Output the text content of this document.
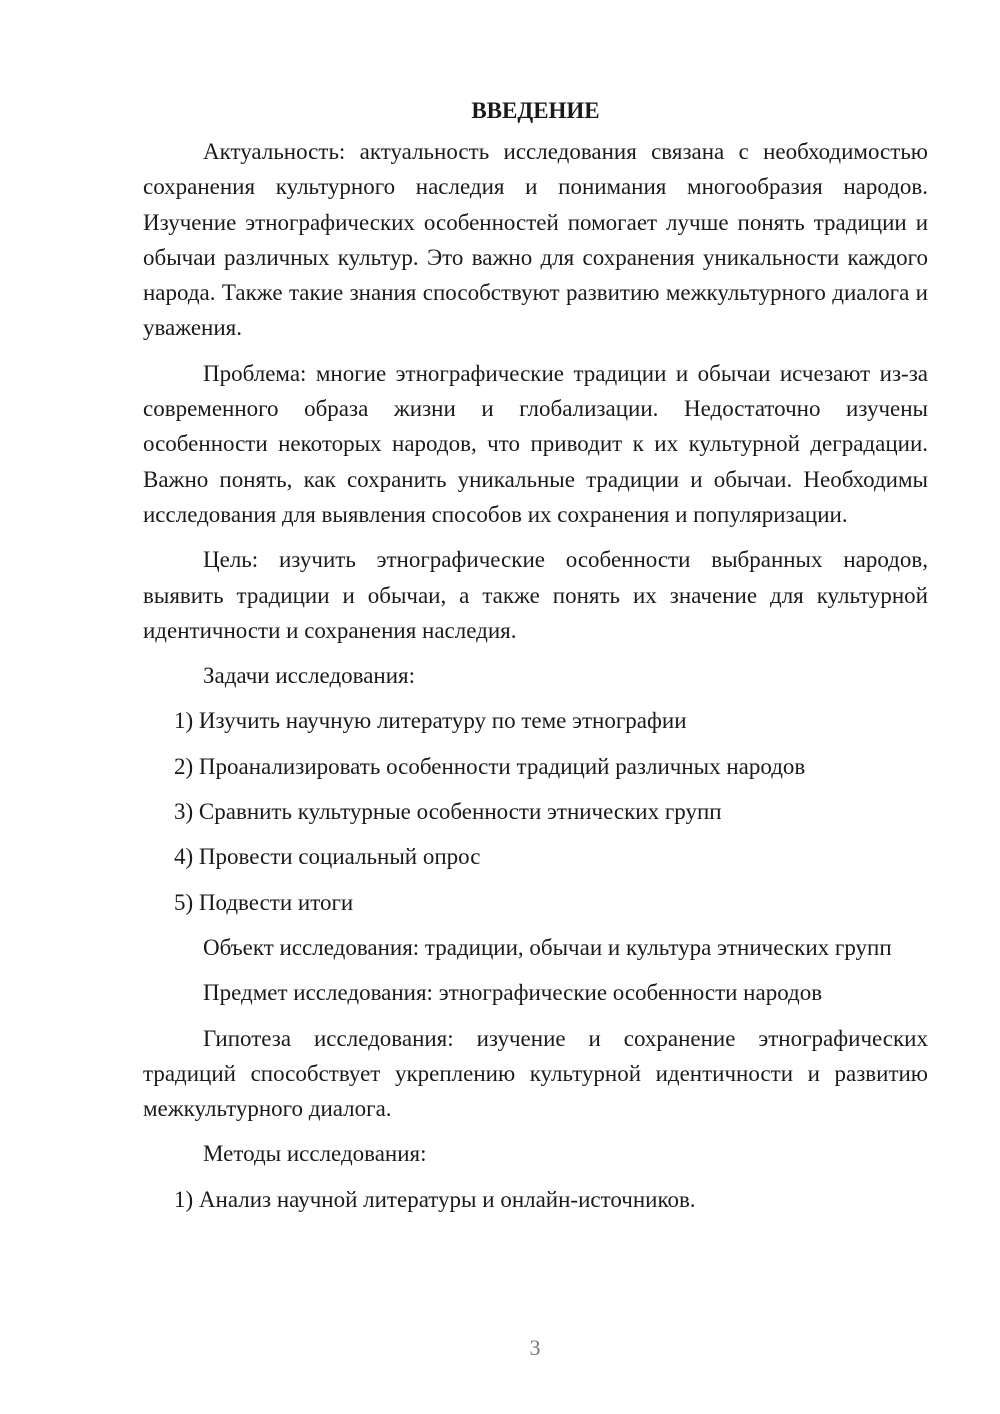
ВВЕДЕНИЕ

Актуальность: актуальность исследования связана с необходимостью сохранения культурного наследия и понимания многообразия народов. Изучение этнографических особенностей помогает лучше понять традиции и обычаи различных культур. Это важно для сохранения уникальности каждого народа. Также такие знания способствуют развитию межкультурного диалога и уважения.

Проблема: многие этнографические традиции и обычаи исчезают из-за современного образа жизни и глобализации. Недостаточно изучены особенности некоторых народов, что приводит к их культурной деградации. Важно понять, как сохранить уникальные традиции и обычаи. Необходимы исследования для выявления способов их сохранения и популяризации.

Цель: изучить этнографические особенности выбранных народов, выявить традиции и обычаи, а также понять их значение для культурной идентичности и сохранения наследия.

Задачи исследования:

1) Изучить научную литературу по теме этнографии

2) Проанализировать особенности традиций различных народов

3) Сравнить культурные особенности этнических групп

4) Провести социальный опрос

5) Подвести итоги

Объект исследования: традиции, обычаи и культура этнических групп

Предмет исследования: этнографические особенности народов

Гипотеза исследования: изучение и сохранение этнографических традиций способствует укреплению культурной идентичности и развитию межкультурного диалога.

Методы исследования:

1) Анализ научной литературы и онлайн-источников.

3
